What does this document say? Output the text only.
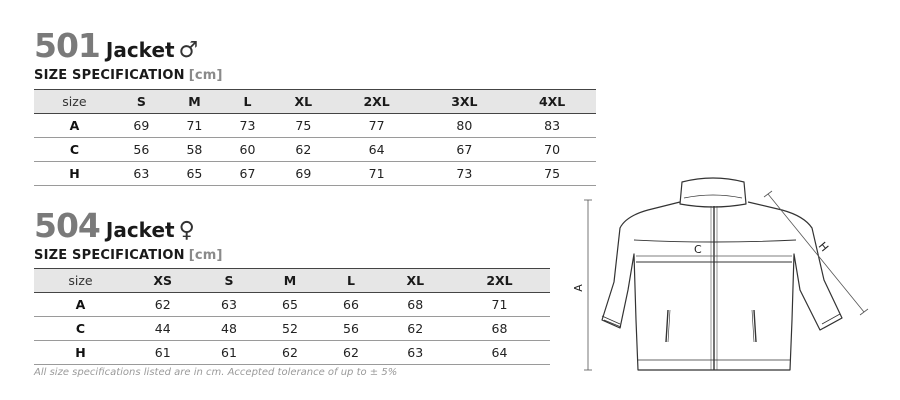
501 Jacket ♂
SIZE SPECIFICATION [cm]
size	S	M	L	XL	2XL	3XL	4XL
A	69	71	73	75	77	80	83
C	56	58	60	62	64	67	70
H	63	65	67	69	71	73	75
504 Jacket ♀
SIZE SPECIFICATION [cm]
size	XS	S	M	L	XL	2XL
A	62	63	65	66	68	71
C	44	48	52	56	62	68
H	61	61	62	62	63	64
All size specifications listed are in cm. Accepted tolerance of up to ± 5%
A
C	H
